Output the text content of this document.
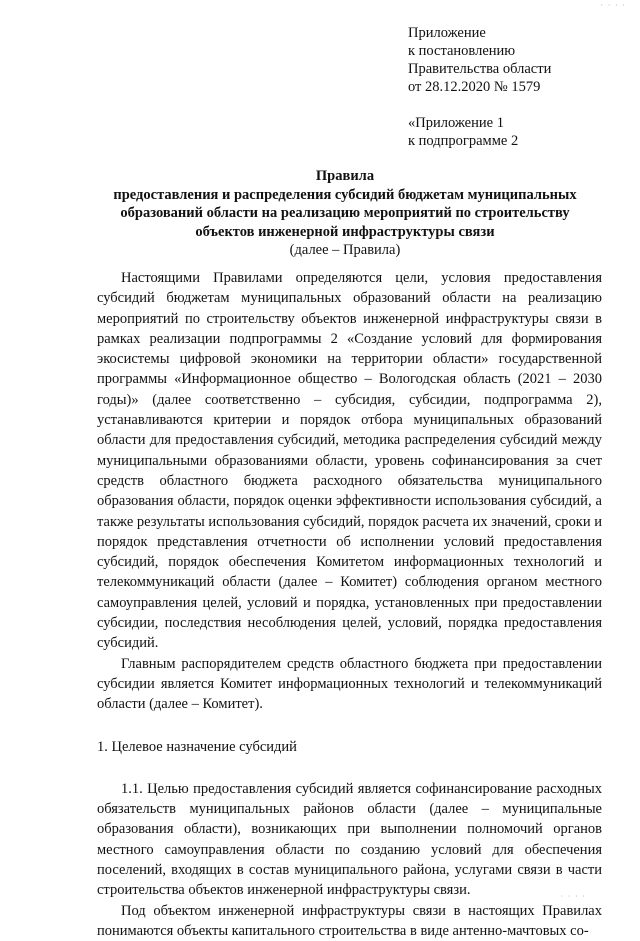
Приложение
к постановлению
Правительства области
от 28.12.2020 № 1579
«Приложение 1
к подпрограмме 2
Правила
предоставления и распределения субсидий бюджетам муниципальных
образований области на реализацию мероприятий по строительству
объектов инженерной инфраструктуры связи
(далее – Правила)

Настоящими Правилами определяются цели, условия предоставления субсидий бюджетам муниципальных образований области на реализацию мероприятий по строительству объектов инженерной инфраструктуры связи в рамках реализации подпрограммы 2 «Создание условий для формирования экосистемы цифровой экономики на территории области» государственной программы «Информационное общество – Вологодская область (2021 – 2030 годы)» (далее соответственно – субсидия, субсидии, подпрограмма 2), устанавливаются критерии и порядок отбора муниципальных образований области для предоставления субсидий, методика распределения субсидий между муниципальными образованиями области, уровень софинансирования за счет средств областного бюджета расходного обязательства муниципального образования области, порядок оценки эффективности использования субсидий, а также результаты использования субсидий, порядок расчета их значений, сроки и порядок представления отчетности об исполнении условий предоставления субсидий, порядок обеспечения Комитетом информационных технологий и телекоммуникаций области (далее – Комитет) соблюдения органом местного самоуправления целей, условий и порядка, установленных при предоставлении субсидии, последствия несоблюдения целей, условий, порядка предоставления субсидий.

Главным распорядителем средств областного бюджета при предоставлении субсидии является Комитет информационных технологий и телекоммуникаций области (далее – Комитет).

1. Целевое назначение субсидий

1.1. Целью предоставления субсидий является софинансирование расходных обязательств муниципальных районов области (далее – муниципальные образования области), возникающих при выполнении полномочий органов местного самоуправления области по созданию условий для обеспечения поселений, входящих в состав муниципального района, услугами связи в части строительства объектов инженерной инфраструктуры связи.

Под объектом инженерной инфраструктуры связи в настоящих Правилах понимаются объекты капитального строительства в виде антенно-мачтовых со-

· · · ·
· · · ·
